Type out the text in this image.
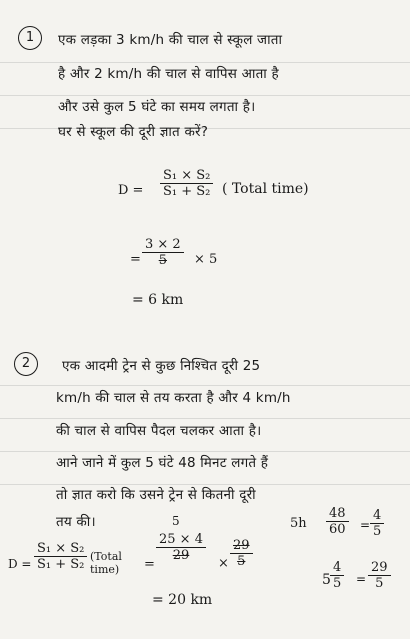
1	एक लड़का 3 km/h की चाल से स्कूल जाता
है और 2 km/h की चाल से वापिस आता है
और उसे कुल 5 घंटे का समय लगता है।
घर से स्कूल की दूरी ज्ञात करें?
$D = \frac{\text{S₁ × S₂}}{\text{S₁ + S₂}}$ ( Total time)
= $\frac{3 \times 2}{5} \times 5$
= 6 km
2	एक आदमी ट्रेन से कुछ निश्चित दूरी 25
km/h की चाल से तय करता है और 4 km/h
की चाल से वापिस पैदल चलकर आता है।
आने जाने में कुल 5 घंटे 48 मिनट लगते हैं
तो ज्ञात करो कि उसने ट्रेन से कितनी दूरी
तय की।
$D = \frac{\text{S₁ × S₂}}{\text{S₁ + S₂}}$ (Total time)	=
5
$\frac{25 \times 4}{29}$
× $\frac{29}{5}$
= 20 km
$5h \frac{48}{60} = \frac{4}{5}$
$5 \frac{4}{5} = \frac{29}{5}$
